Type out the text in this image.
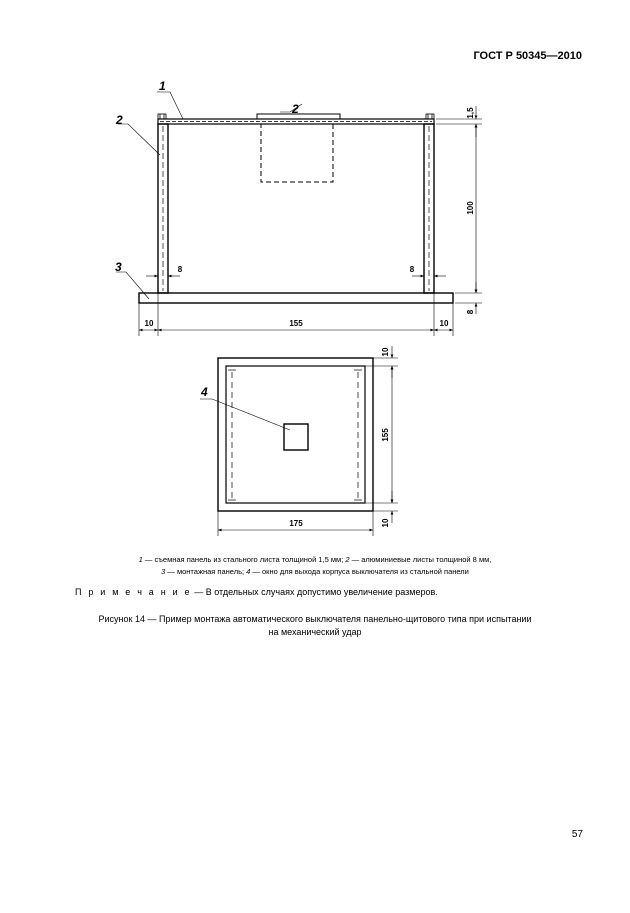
ГОСТ Р 50345—2010
1,5
100
8
8	8
10	155	10
1
2
3
2
10
155
10
175
4
1 — съемная панель из стального листа толщиной 1,5 мм; 2 — алюминиевые листы толщиной 8 мм,
3 — монтажная панель; 4 — окно для выхода корпуса выключателя из стальной панели
П р и м е ч а н и е — В отдельных случаях допустимо увеличение размеров.
Рисунок 14 — Пример монтажа автоматического выключателя панельно-щитового типа при испытании
на механический удар
57
